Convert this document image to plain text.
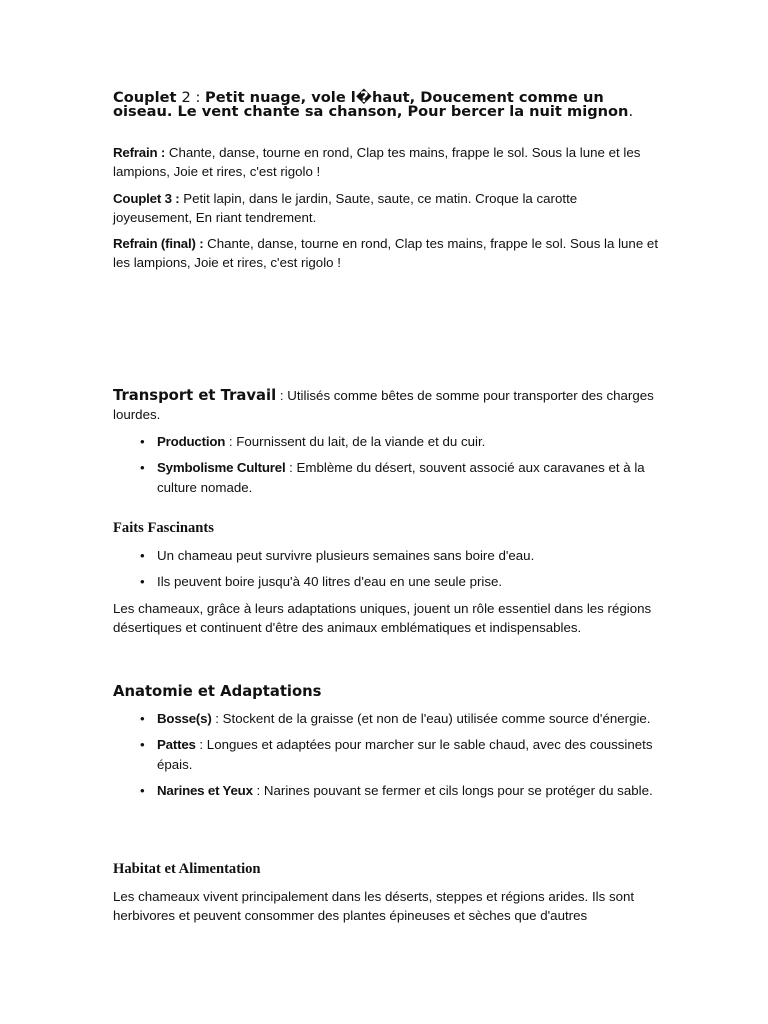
Couplet 2 : Petit nuage, vole l�haut, Doucement comme un oiseau. Le vent chante sa chanson, Pour bercer la nuit mignon.

Refrain : Chante, danse, tourne en rond, Clap tes mains, frappe le sol. Sous la lune et les lampions, Joie et rires, c'est rigolo !

Couplet 3 : Petit lapin, dans le jardin, Saute, saute, ce matin. Croque la carotte joyeusement, En riant tendrement.

Refrain (final) : Chante, danse, tourne en rond, Clap tes mains, frappe le sol. Sous la lune et les lampions, Joie et rires, c'est rigolo !

Transport et Travail : Utilisés comme bêtes de somme pour transporter des charges lourdes.

• Production : Fournissent du lait, de la viande et du cuir.
• Symbolisme Culturel : Emblème du désert, souvent associé aux caravanes et à la culture nomade.

Faits Fascinants

• Un chameau peut survivre plusieurs semaines sans boire d'eau.
• Ils peuvent boire jusqu'à 40 litres d'eau en une seule prise.

Les chameaux, grâce à leurs adaptations uniques, jouent un rôle essentiel dans les régions désertiques et continuent d'être des animaux emblématiques et indispensables.

Anatomie et Adaptations

• Bosse(s) : Stockent de la graisse (et non de l'eau) utilisée comme source d'énergie.
• Pattes : Longues et adaptées pour marcher sur le sable chaud, avec des coussinets épais.
• Narines et Yeux : Narines pouvant se fermer et cils longs pour se protéger du sable.

Habitat et Alimentation

Les chameaux vivent principalement dans les déserts, steppes et régions arides. Ils sont herbivores et peuvent consommer des plantes épineuses et sèches que d'autres
